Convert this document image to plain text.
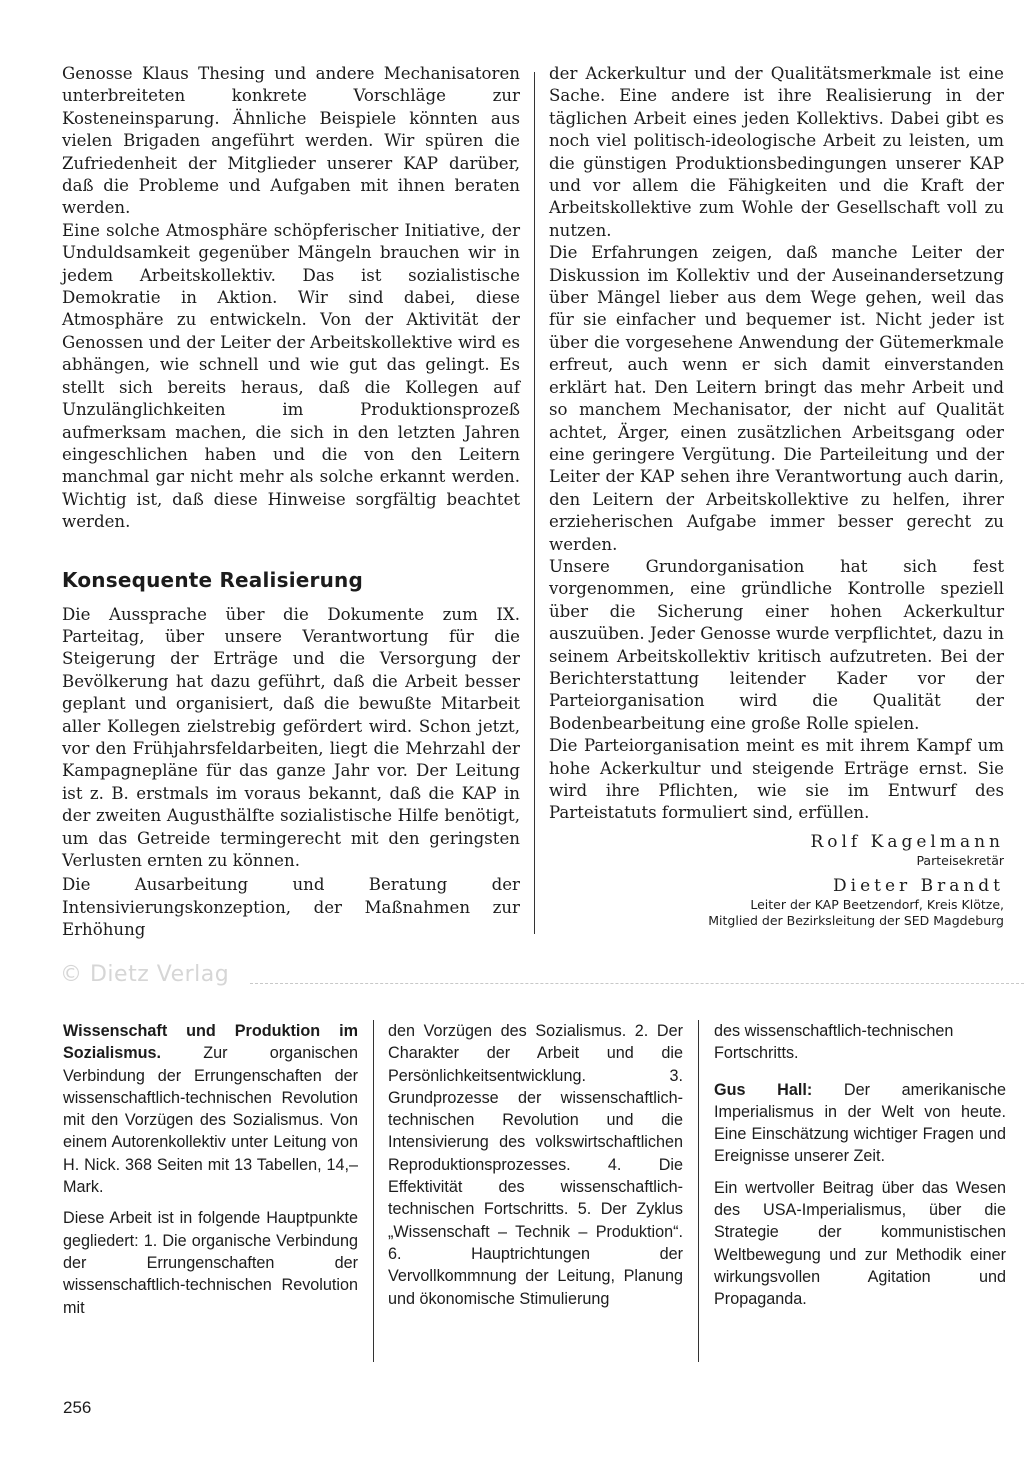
Genosse Klaus Thesing und andere Mechanisatoren unterbreiteten konkrete Vorschläge zur Kosteneinsparung. Ähnliche Beispiele könnten aus vielen Brigaden angeführt werden. Wir spüren die Zufriedenheit der Mitglieder unserer KAP darüber, daß die Probleme und Aufgaben mit ihnen beraten werden.

Eine solche Atmosphäre schöpferischer Initiative, der Unduldsamkeit gegenüber Mängeln brauchen wir in jedem Arbeitskollektiv. Das ist sozialistische Demokratie in Aktion. Wir sind dabei, diese Atmosphäre zu entwickeln. Von der Aktivität der Genossen und der Leiter der Arbeitskollektive wird es abhängen, wie schnell und wie gut das gelingt. Es stellt sich bereits heraus, daß die Kollegen auf Unzulänglichkeiten im Produktionsprozeß aufmerksam machen, die sich in den letzten Jahren eingeschlichen haben und die von den Leitern manchmal gar nicht mehr als solche erkannt werden. Wichtig ist, daß diese Hinweise sorgfältig beachtet werden.

Konsequente Realisierung

Die Aussprache über die Dokumente zum IX. Parteitag, über unsere Verantwortung für die Steigerung der Erträge und die Versorgung der Bevölkerung hat dazu geführt, daß die Arbeit besser geplant und organisiert, daß die bewußte Mitarbeit aller Kollegen zielstrebig gefördert wird. Schon jetzt, vor den Frühjahrsfeldarbeiten, liegt die Mehrzahl der Kampagnepläne für das ganze Jahr vor. Der Leitung ist z. B. erstmals im voraus bekannt, daß die KAP in der zweiten Augusthälfte sozialistische Hilfe benötigt, um das Getreide termingerecht mit den geringsten Verlusten ernten zu können.

Die Ausarbeitung und Beratung der Intensivierungskonzeption, der Maßnahmen zur Erhöhung

der Ackerkultur und der Qualitätsmerkmale ist eine Sache. Eine andere ist ihre Realisierung in der täglichen Arbeit eines jeden Kollektivs. Dabei gibt es noch viel politisch-ideologische Arbeit zu leisten, um die günstigen Produktionsbedingungen unserer KAP und vor allem die Fähigkeiten und die Kraft der Arbeitskollektive zum Wohle der Gesellschaft voll zu nutzen.

Die Erfahrungen zeigen, daß manche Leiter der Diskussion im Kollektiv und der Auseinandersetzung über Mängel lieber aus dem Wege gehen, weil das für sie einfacher und bequemer ist. Nicht jeder ist über die vorgesehene Anwendung der Gütemerkmale erfreut, auch wenn er sich damit einverstanden erklärt hat. Den Leitern bringt das mehr Arbeit und so manchem Mechanisator, der nicht auf Qualität achtet, Ärger, einen zusätzlichen Arbeitsgang oder eine geringere Vergütung. Die Parteileitung und der Leiter der KAP sehen ihre Verantwortung auch darin, den Leitern der Arbeitskollektive zu helfen, ihrer erzieherischen Aufgabe immer besser gerecht zu werden.

Unsere Grundorganisation hat sich fest vorgenommen, eine gründliche Kontrolle speziell über die Sicherung einer hohen Ackerkultur auszuüben. Jeder Genosse wurde verpflichtet, dazu in seinem Arbeitskollektiv kritisch aufzutreten. Bei der Berichterstattung leitender Kader vor der Parteiorganisation wird die Qualität der Bodenbearbeitung eine große Rolle spielen.

Die Parteiorganisation meint es mit ihrem Kampf um hohe Ackerkultur und steigende Erträge ernst. Sie wird ihre Pflichten, wie sie im Entwurf des Parteistatuts formuliert sind, erfüllen.

Rolf Kagelmann
Parteisekretär
Dieter Brandt
Leiter der KAP Beetzendorf, Kreis Klötze,
Mitglied der Bezirksleitung der SED Magdeburg
© Dietz Verlag

Wissenschaft und Produktion im Sozialismus. Zur organischen Verbindung der Errungenschaften der wissenschaftlich-technischen Revolution mit den Vorzügen des Sozialismus. Von einem Autorenkollektiv unter Leitung von H. Nick. 368 Seiten mit 13 Tabellen, 14,– Mark.

Diese Arbeit ist in folgende Hauptpunkte gegliedert: 1. Die organische Verbindung der Errungenschaften der wissenschaftlich-technischen Revolution mit

den Vorzügen des Sozialismus. 2. Der Charakter der Arbeit und die Persönlichkeitsentwicklung. 3. Grundprozesse der wissenschaftlich-technischen Revolution und die Intensivierung des volkswirtschaftlichen Reproduktionsprozesses. 4. Die Effektivität des wissenschaftlich-technischen Fortschritts. 5. Der Zyklus „Wissenschaft – Technik – Produktion“. 6. Hauptrichtungen der Vervollkommnung der Leitung, Planung und ökonomische Stimulierung

des wissenschaftlich-technischen Fortschritts.

Gus Hall: Der amerikanische Imperialismus in der Welt von heute. Eine Einschätzung wichtiger Fragen und Ereignisse unserer Zeit.

Ein wertvoller Beitrag über das Wesen des USA-Imperialismus, über die Strategie der kommunistischen Weltbewegung und zur Methodik einer wirkungsvollen Agitation und Propaganda.

256
